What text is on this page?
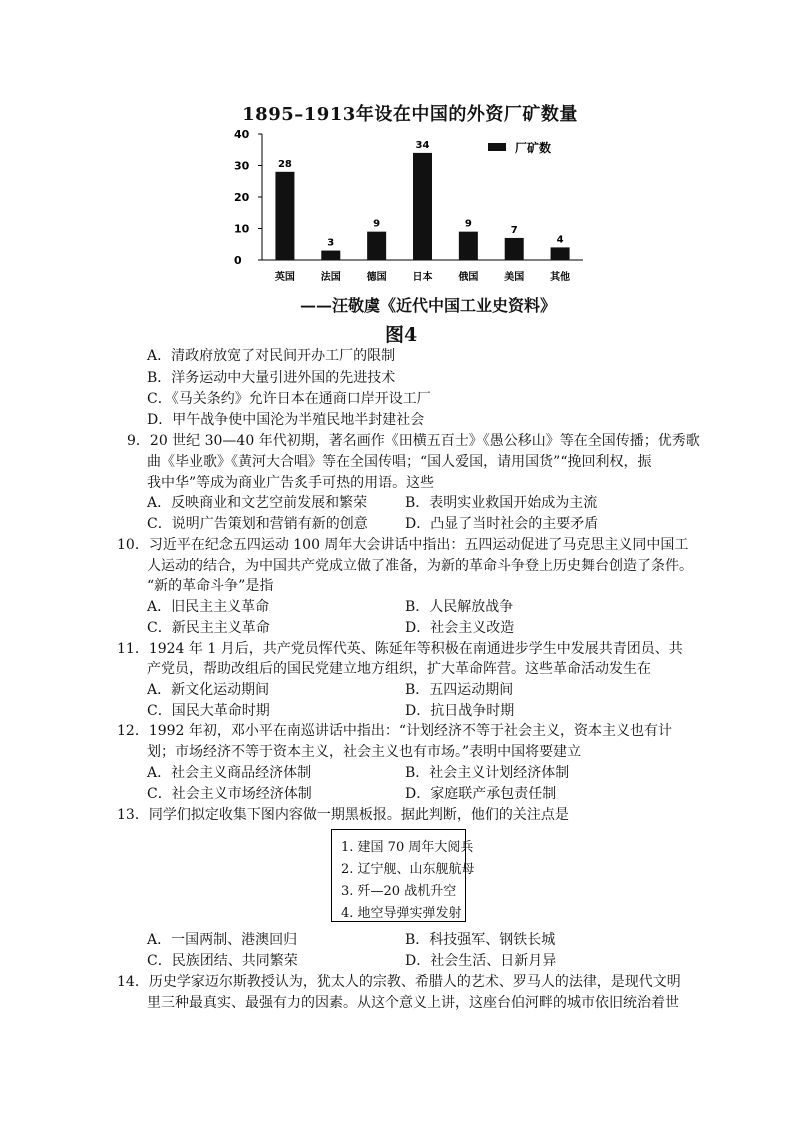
1895–1913年设在中国的外资厂矿数量
0
10
20
30
40
28
英国
3
法国
9
德国
34
日本
9
俄国
7
美国
4
其他
厂矿数
——汪敬虞《近代中国工业史资料》
图4
A．清政府放宽了对民间开办工厂的限制
B．洋务运动中大量引进外国的先进技术
C．《马关条约》允许日本在通商口岸开设工厂
D．甲午战争使中国沦为半殖民地半封建社会
9．20 世纪 30—40 年代初期，著名画作《田横五百士》《愚公移山》等在全国传播；优秀歌
曲《毕业歌》《黄河大合唱》等在全国传唱；“国人爱国，请用国货”“挽回利权，振
我中华”等成为商业广告炙手可热的用语。这些
A．反映商业和文艺空前发展和繁荣	B．表明实业救国开始成为主流
C．说明广告策划和营销有新的创意	D．凸显了当时社会的主要矛盾
10．习近平在纪念五四运动 100 周年大会讲话中指出：五四运动促进了马克思主义同中国工
人运动的结合，为中国共产党成立做了准备，为新的革命斗争登上历史舞台创造了条件。
“新的革命斗争”是指
A．旧民主主义革命	B．人民解放战争
C．新民主主义革命	D．社会主义改造
11．1924 年 1 月后，共产党员恽代英、陈延年等积极在南通进步学生中发展共青团员、共
产党员，帮助改组后的国民党建立地方组织，扩大革命阵营。这些革命活动发生在
A．新文化运动期间	B．五四运动期间
C．国民大革命时期	D．抗日战争时期
12．1992 年初，邓小平在南巡讲话中指出：“计划经济不等于社会主义，资本主义也有计
划；市场经济不等于资本主义，社会主义也有市场。”表明中国将要建立
A．社会主义商品经济体制	B．社会主义计划经济体制
C．社会主义市场经济体制	D．家庭联产承包责任制
13．同学们拟定收集下图内容做一期黑板报。据此判断，他们的关注点是
A．一国两制、港澳回归	B．科技强军、钢铁长城
C．民族团结、共同繁荣	D．社会生活、日新月异
14．历史学家迈尔斯教授认为，犹太人的宗教、希腊人的艺术、罗马人的法律，是现代文明
里三种最真实、最强有力的因素。从这个意义上讲，这座台伯河畔的城市依旧统治着世
1. 建国 70 周年大阅兵
2. 辽宁舰、山东舰航母
3. 歼—20 战机升空
4. 地空导弹实弹发射
